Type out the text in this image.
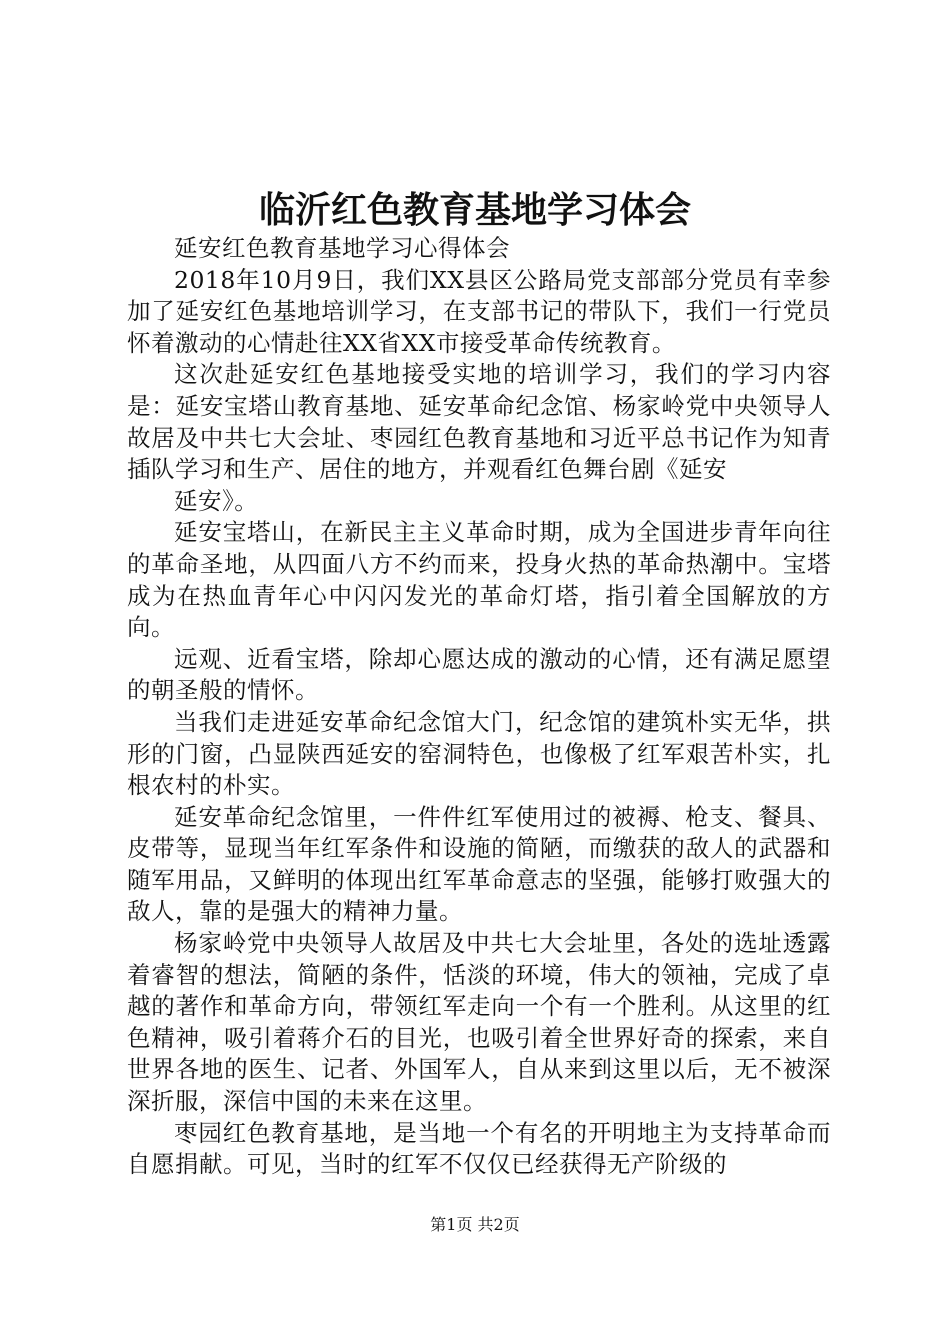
临沂红色教育基地学习体会

延安红色教育基地学习心得体会

2018年10月9日，我们XX县区公路局党支部部分党员有幸参加了延安红色基地培训学习，在支部书记的带队下，我们一行党员怀着激动的心情赴往XX省XX市接受革命传统教育。

这次赴延安红色基地接受实地的培训学习，我们的学习内容是：延安宝塔山教育基地、延安革命纪念馆、杨家岭党中央领导人故居及中共七大会址、枣园红色教育基地和习近平总书记作为知青插队学习和生产、居住的地方，并观看红色舞台剧《延安

延安》。

延安宝塔山，在新民主主义革命时期，成为全国进步青年向往的革命圣地，从四面八方不约而来，投身火热的革命热潮中。宝塔成为在热血青年心中闪闪发光的革命灯塔，指引着全国解放的方向。

远观、近看宝塔，除却心愿达成的激动的心情，还有满足愿望的朝圣般的情怀。

当我们走进延安革命纪念馆大门，纪念馆的建筑朴实无华，拱形的门窗，凸显陕西延安的窑洞特色，也像极了红军艰苦朴实，扎根农村的朴实。

延安革命纪念馆里，一件件红军使用过的被褥、枪支、餐具、皮带等，显现当年红军条件和设施的简陋，而缴获的敌人的武器和随军用品，又鲜明的体现出红军革命意志的坚强，能够打败强大的敌人，靠的是强大的精神力量。

杨家岭党中央领导人故居及中共七大会址里，各处的选址透露着睿智的想法，简陋的条件，恬淡的环境，伟大的领袖，完成了卓越的著作和革命方向，带领红军走向一个有一个胜利。从这里的红色精神，吸引着蒋介石的目光，也吸引着全世界好奇的探索，来自世界各地的医生、记者、外国军人，自从来到这里以后，无不被深深折服，深信中国的未来在这里。

枣园红色教育基地，是当地一个有名的开明地主为支持革命而自愿捐献。可见，当时的红军不仅仅已经获得无产阶级的

第1页 共2页
